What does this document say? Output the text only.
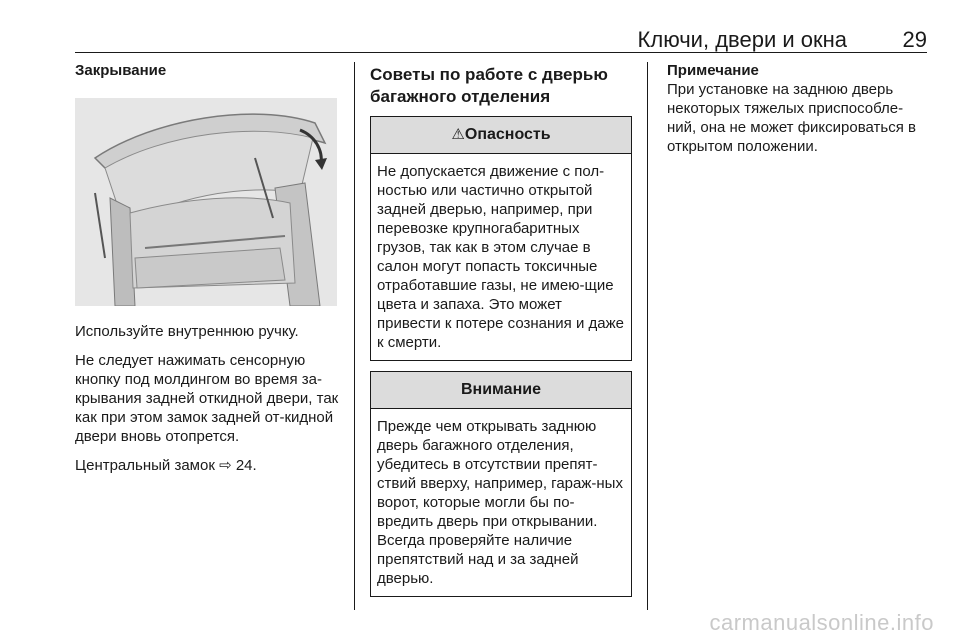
Ключи, двери и окна	29
Закрывание

Используйте внутреннюю ручку.

Не следует нажимать сенсорную кнопку под молдингом во время за-крывания задней откидной двери, так как при этом замок задней от-кидной двери вновь отопрется.

Центральный замок ⇨ 24.

Советы по работе с дверью багажного отделения
⚠Опасность

Не допускается движение с пол-ностью или частично открытой задней дверью, например, при перевозке крупногабаритных грузов, так как в этом случае в салон могут попасть токсичные отработавшие газы, не имею-щие цвета и запаха. Это может привести к потере сознания и даже к смерти.

Внимание

Прежде чем открывать заднюю дверь багажного отделения, убедитесь в отсутствии препят-ствий вверху, например, гараж-ных ворот, которые могли бы по-вредить дверь при открывании. Всегда проверяйте наличие препятствий над и за задней дверью.

Примечание

При установке на заднюю дверь некоторых тяжелых приспособле-ний, она не может фиксироваться в открытом положении.

carmanualsonline.info
